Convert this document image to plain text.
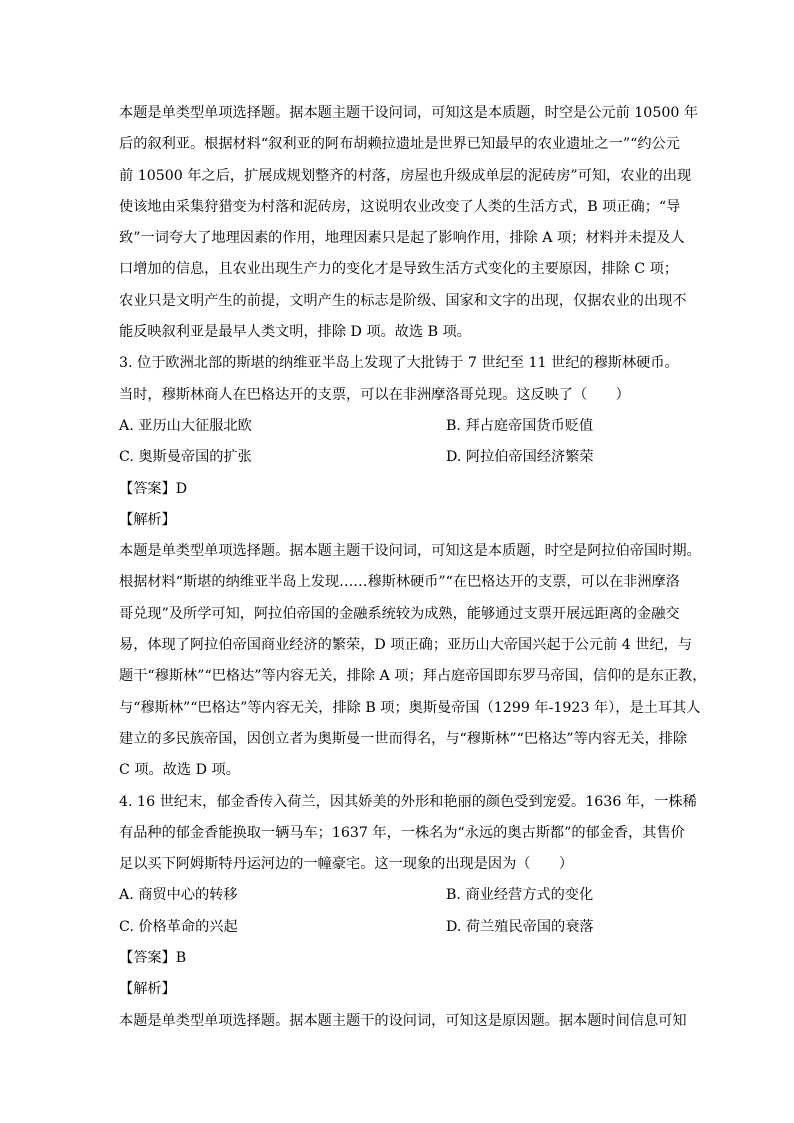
本题是单类型单项选择题。据本题主题干设问词，可知这是本质题，时空是公元前 10500 年
后的叙利亚。根据材料“叙利亚的阿布胡赖拉遗址是世界已知最早的农业遗址之一”“约公元
前 10500 年之后，扩展成规划整齐的村落，房屋也升级成单层的泥砖房”可知，农业的出现
使该地由采集狩猎变为村落和泥砖房，这说明农业改变了人类的生活方式，B 项正确；“导
致”一词夸大了地理因素的作用，地理因素只是起了影响作用，排除 A 项；材料并未提及人
口增加的信息，且农业出现生产力的变化才是导致生活方式变化的主要原因，排除 C 项；
农业只是文明产生的前提，文明产生的标志是阶级、国家和文字的出现，仅据农业的出现不
能反映叙利亚是最早人类文明，排除 D 项。故选 B 项。
3. 位于欧洲北部的斯堪的纳维亚半岛上发现了大批铸于 7 世纪至 11 世纪的穆斯林硬币。
当时，穆斯林商人在巴格达开的支票，可以在非洲摩洛哥兑现。这反映了（　　）
A. 亚历山大征服北欧	B. 拜占庭帝国货币贬值
C. 奥斯曼帝国的扩张	D. 阿拉伯帝国经济繁荣
【答案】D
【解析】
本题是单类型单项选择题。据本题主题干设问词，可知这是本质题，时空是阿拉伯帝国时期。
根据材料“斯堪的纳维亚半岛上发现……穆斯林硬币”“在巴格达开的支票，可以在非洲摩洛
哥兑现”及所学可知，阿拉伯帝国的金融系统较为成熟，能够通过支票开展远距离的金融交
易，体现了阿拉伯帝国商业经济的繁荣，D 项正确；亚历山大帝国兴起于公元前 4 世纪，与
题干“穆斯林”“巴格达”等内容无关，排除 A 项；拜占庭帝国即东罗马帝国，信仰的是东正教，
与“穆斯林”“巴格达”等内容无关，排除 B 项；奥斯曼帝国（1299 年-1923 年），是土耳其人
建立的多民族帝国，因创立者为奥斯曼一世而得名，与“穆斯林”“巴格达”等内容无关，排除
C 项。故选 D 项。
4. 16 世纪末，郁金香传入荷兰，因其娇美的外形和艳丽的颜色受到宠爱。1636 年，一株稀
有品种的郁金香能换取一辆马车；1637 年，一株名为“永远的奥古斯都”的郁金香，其售价
足以买下阿姆斯特丹运河边的一幢豪宅。这一现象的出现是因为（　　）
A. 商贸中心的转移	B. 商业经营方式的变化
C. 价格革命的兴起	D. 荷兰殖民帝国的衰落
【答案】B
【解析】
本题是单类型单项选择题。据本题主题干的设问词，可知这是原因题。据本题时间信息可知
